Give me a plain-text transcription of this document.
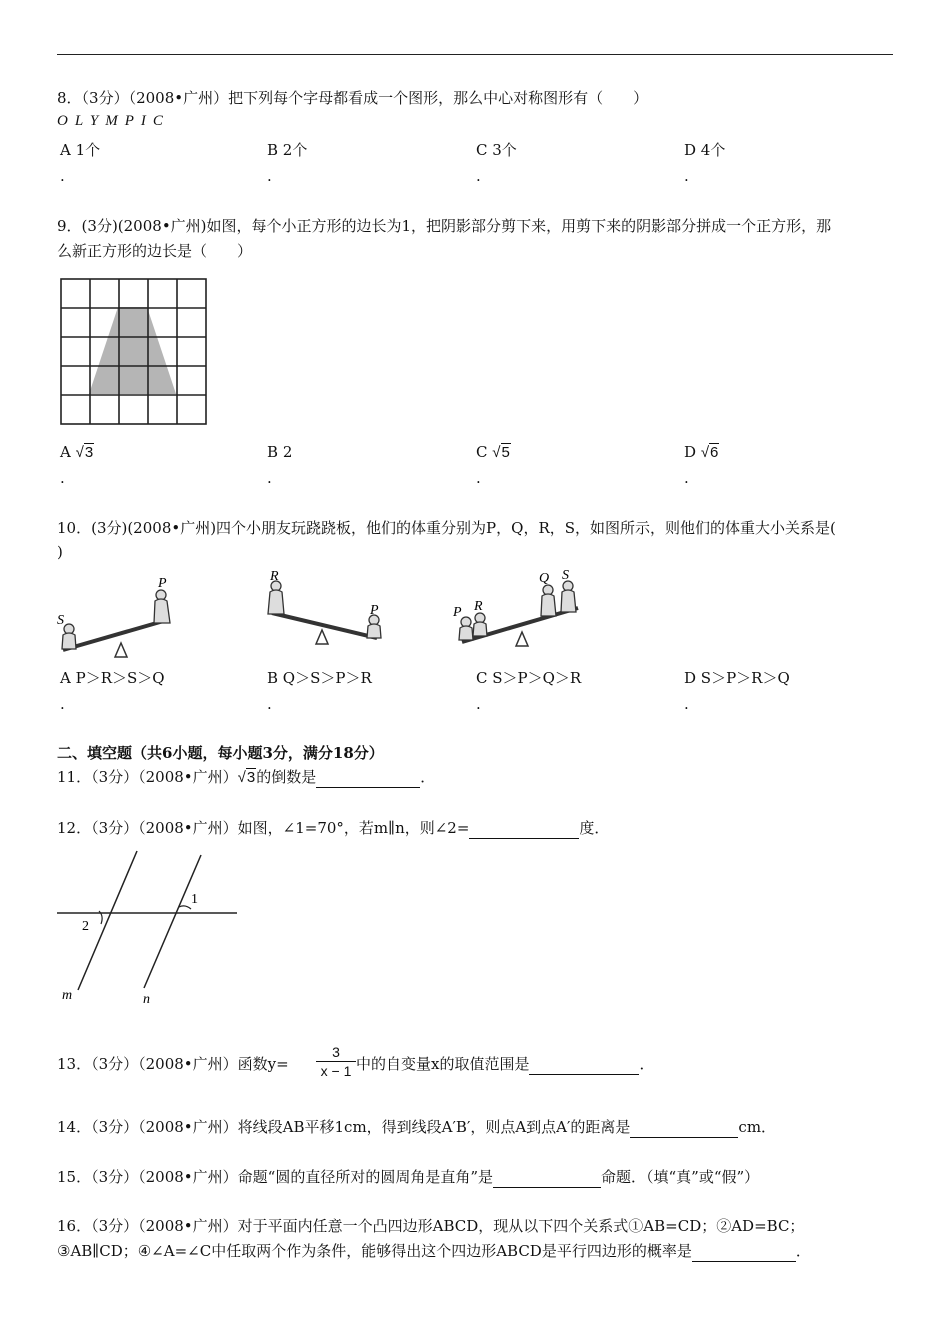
8．（3分）（2008•广州）把下列每个字母都看成一个图形，那么中心对称图形有（　　）
OLYMPIC
A 1个	B 2个	C 3个	D 4个
.	.	.	.
9．(3分)(2008•广州)如图，每个小正方形的边长为1，把阴影部分剪下来，用剪下来的阴影部分拼成一个正方形，那
么新正方形的边长是（　　）
A √3	B 2	C √5	D √6
.	.	.	.
10．(3分)(2008•广州)四个小朋友玩跷跷板，他们的体重分别为P，Q，R，S，如图所示，则他们的体重大小关系是(
)
S
P	R
P	P R
Q S
A P＞R＞S＞Q	B Q＞S＞P＞R	C S＞P＞Q＞R	D S＞P＞R＞Q
.	.	.	.
二、填空题（共6小题，每小题3分，满分18分）
11．（3分）（2008•广州）√3的倒数是	．
12．（3分）（2008•广州）如图，∠1=70°，若m∥n，则∠2=	度．
1
2
m	n
13．（3分）（2008•广州）函数$y= \frac{3}{x - 1}$ 中的自变量x的取值范围是	．
14．（3分）（2008•广州）将线段AB平移1cm，得到线段A′B′，则点A到点A′的距离是	cm．
15．（3分）（2008•广州）命题“圆的直径所对的圆周角是直角”是	命题．（填“真”或“假”）
16．（3分）（2008•广州）对于平面内任意一个凸四边形ABCD，现从以下四个关系式①AB=CD；②AD=BC；
③AB∥CD；④∠A=∠C中任取两个作为条件，能够得出这个四边形ABCD是平行四边形的概率是	．
